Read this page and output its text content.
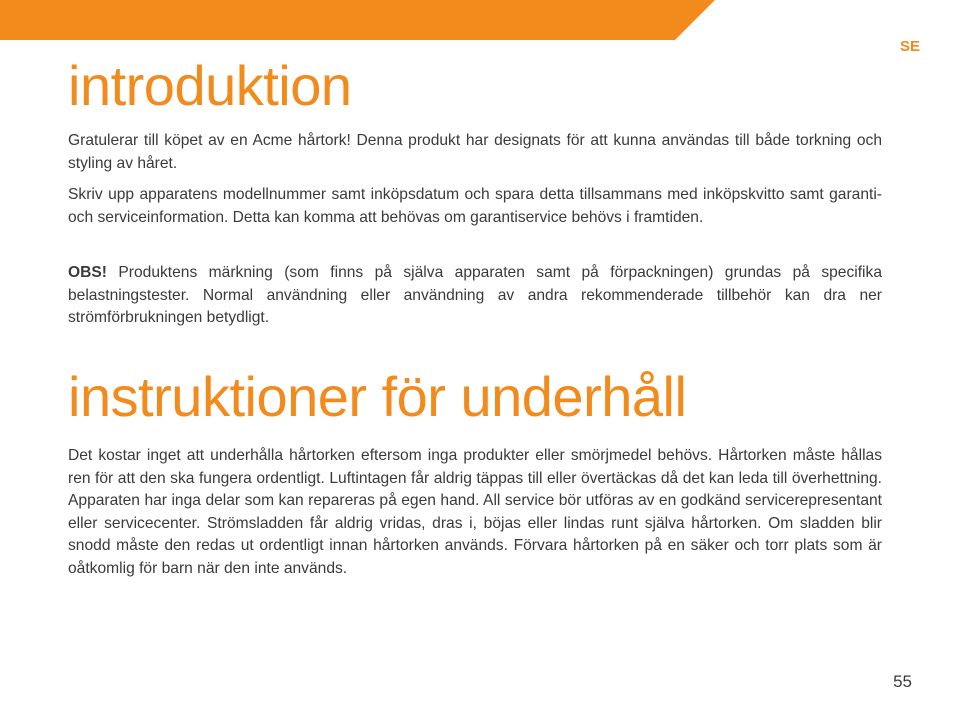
SE
introduktion

Gratulerar till köpet av en Acme hårtork! Denna produkt har designats för att kunna användas till både torkning och styling av håret.

Skriv upp apparatens modellnummer samt inköpsdatum och spara detta tillsammans med inköpskvitto samt garanti- och serviceinformation. Detta kan komma att behövas om garantiservice behövs i framtiden.

OBS! Produktens märkning (som finns på själva apparaten samt på förpackningen) grundas på specifika belastningstester. Normal användning eller användning av andra rekommenderade tillbehör kan dra ner strömförbrukningen betydligt.

instruktioner för underhåll

Det kostar inget att underhålla hårtorken eftersom inga produkter eller smörjmedel behövs. Hårtorken måste hållas ren för att den ska fungera ordentligt. Luftintagen får aldrig täppas till eller övertäckas då det kan leda till överhettning. Apparaten har inga delar som kan repareras på egen hand. All service bör utföras av en godkänd servicerepresentant eller servicecenter. Strömsladden får aldrig vridas, dras i, böjas eller lindas runt själva hårtorken. Om sladden blir snodd måste den redas ut ordentligt innan hårtorken används. Förvara hårtorken på en säker och torr plats som är oåtkomlig för barn när den inte används.

55
